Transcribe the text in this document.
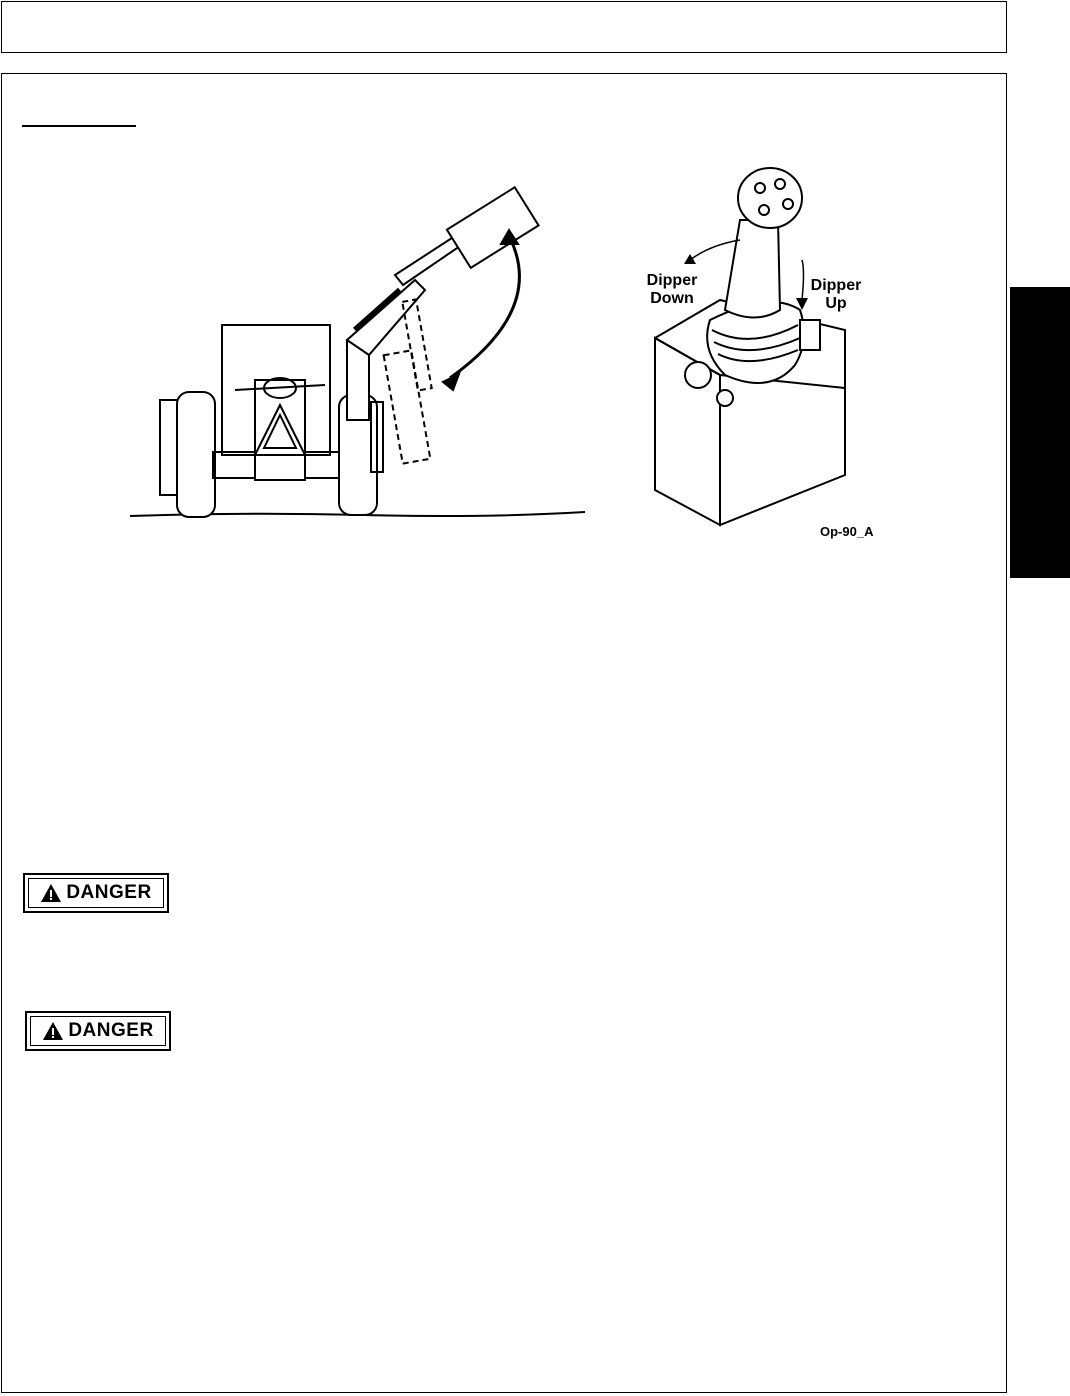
Dipper
Down
Dipper
Up
Op-90_A
DANGER
DANGER
